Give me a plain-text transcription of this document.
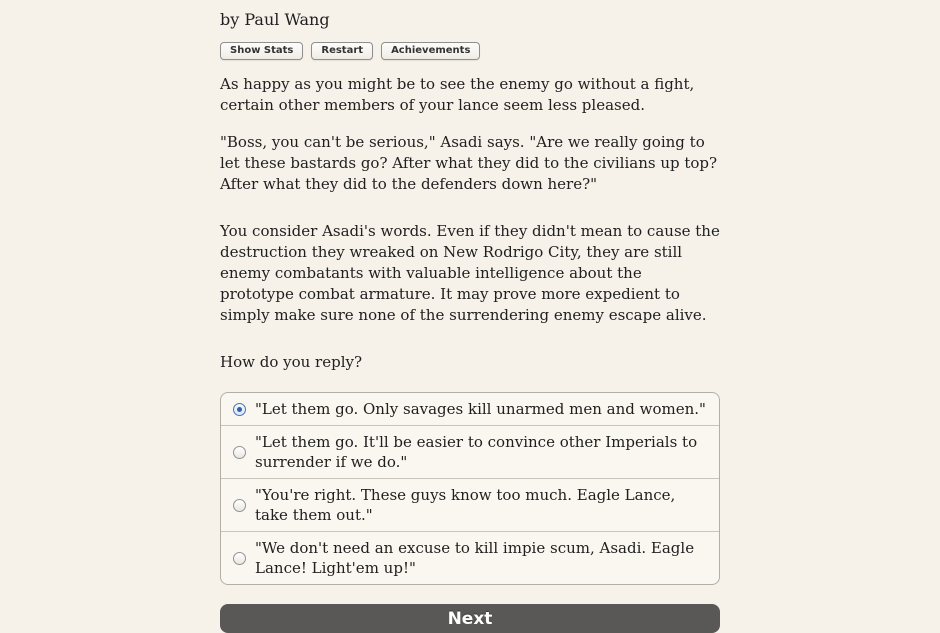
by Paul Wang
Show Stats	Restart	Achievements

As happy as you might be to see the enemy go without a fight, certain other members of your lance seem less pleased.

"Boss, you can't be serious," Asadi says. "Are we really going to let these bastards go? After what they did to the civilians up top? After what they did to the defenders down here?"

You consider Asadi's words. Even if they didn't mean to cause the destruction they wreaked on New Rodrigo City, they are still enemy combatants with valuable intelligence about the prototype combat armature. It may prove more expedient to simply make sure none of the surrendering enemy escape alive.

How do you reply?

"Let them go. Only savages kill unarmed men and women."
"Let them go. It'll be easier to convince other Imperials to surrender if we do."
"You're right. These guys know too much. Eagle Lance, take them out."
"We don't need an excuse to kill impie scum, Asadi. Eagle Lance! Light'em up!"
Next
